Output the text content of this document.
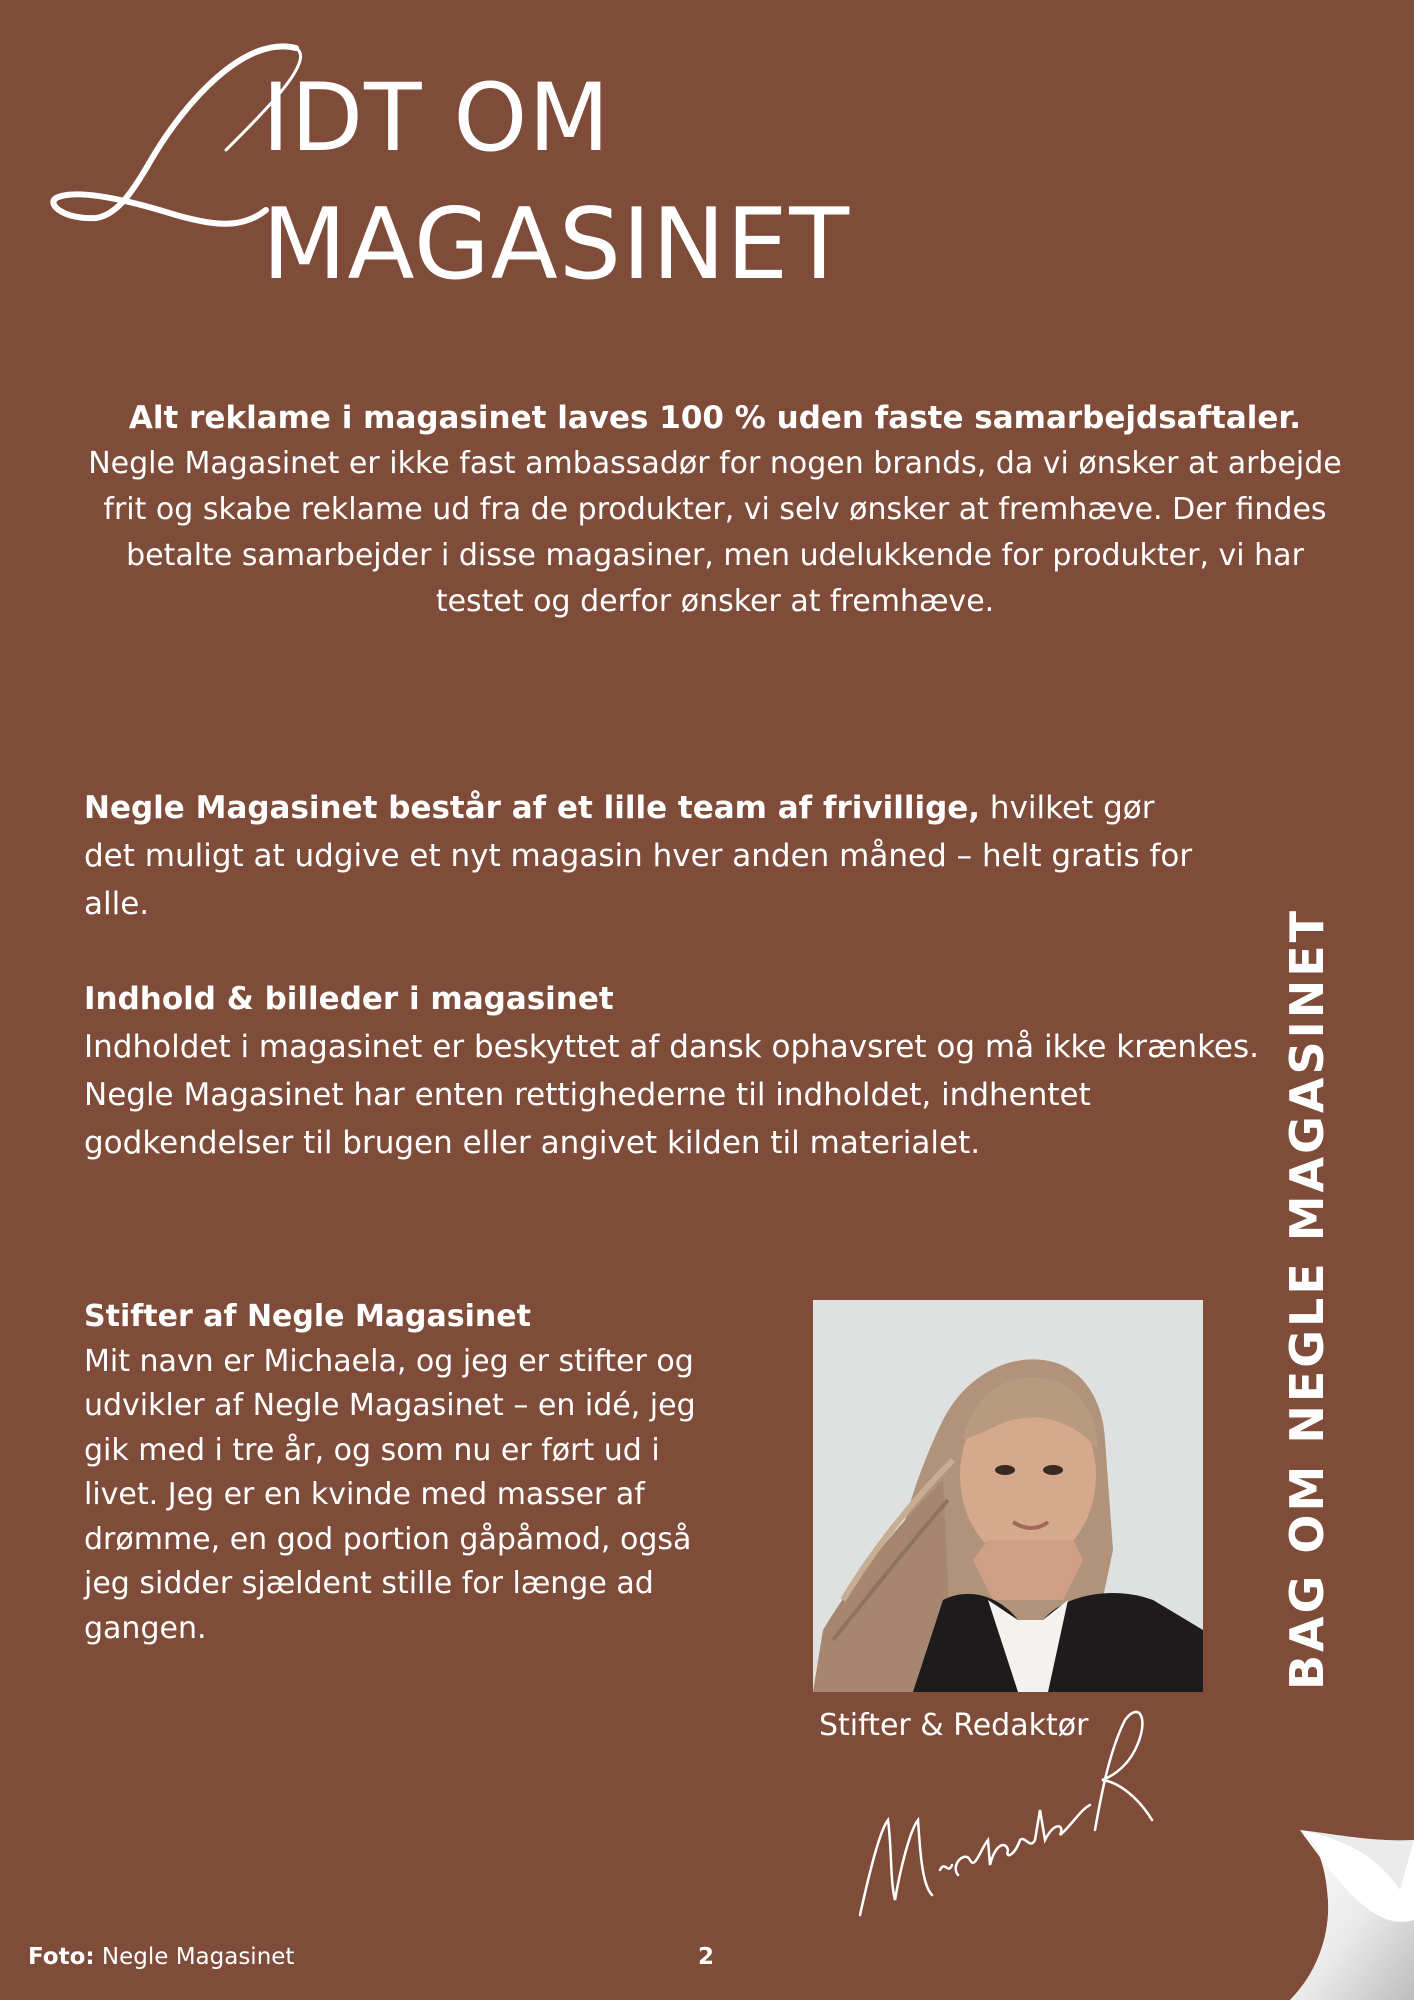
IDT OM
MAGASINET
Alt reklame i magasinet laves 100 % uden faste samarbejdsaftaler.
Negle Magasinet er ikke fast ambassadør for nogen brands, da vi ønsker at arbejde frit og skabe reklame ud fra de produkter, vi selv ønsker at fremhæve. Der findes betalte samarbejder i disse magasiner, men udelukkende for produkter, vi har testet og derfor ønsker at fremhæve.
Negle Magasinet består af et lille team af frivillige, hvilket gør det muligt at udgive et nyt magasin hver anden måned – helt gratis for alle.
Indhold & billeder i magasinet
Indholdet i magasinet er beskyttet af dansk ophavsret og må ikke krænkes. Negle Magasinet har enten rettighederne til indholdet, indhentet godkendelser til brugen eller angivet kilden til materialet.
Stifter af Negle Magasinet
Mit navn er Michaela, og jeg er stifter og udvikler af Negle Magasinet – en idé, jeg gik med i tre år, og som nu er ført ud i livet. Jeg er en kvinde med masser af drømme, en god portion gåpåmod, også jeg sidder sjældent stille for længe ad gangen.
Stifter & Redaktør
BAG OM NEGLE MAGASINET
Foto: Negle Magasinet	2
